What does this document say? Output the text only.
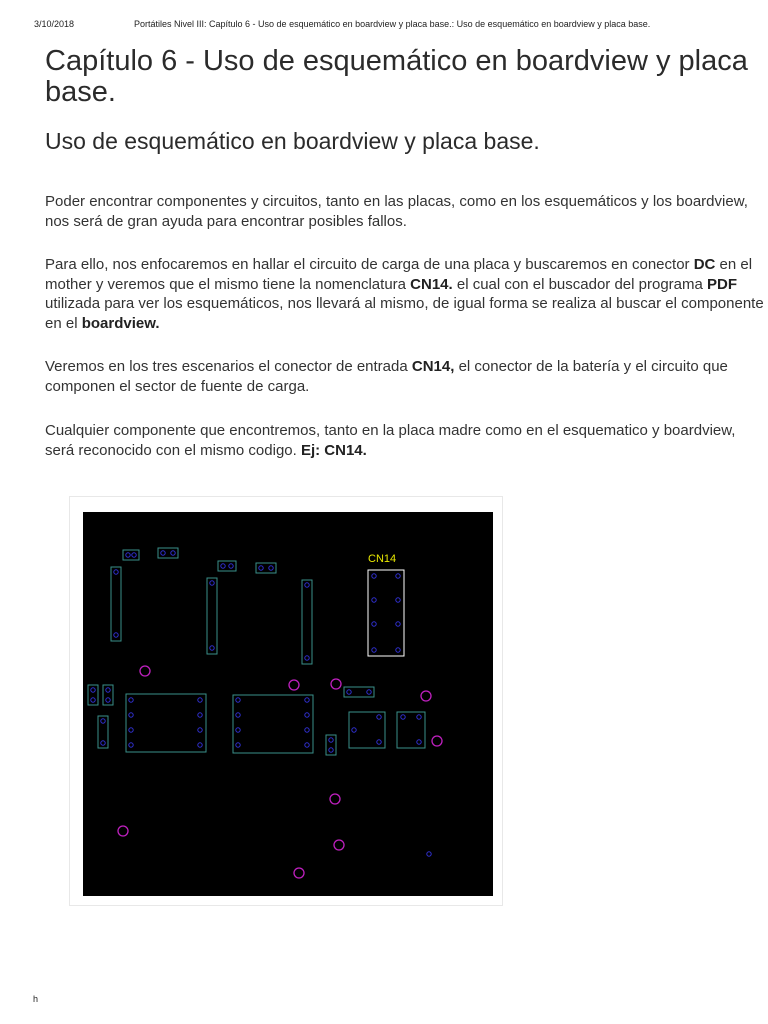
3/10/2018	Portátiles Nivel III: Capítulo 6 - Uso de esquemático en boardview y placa base.: Uso de esquemático en boardview y placa base.
Capítulo 6 - Uso de esquemático en boardview y placa base.
Uso de esquemático en boardview y placa base.

Poder encontrar componentes y circuitos, tanto en las placas, como en los esquemáticos y los boardview, nos será de gran ayuda para encontrar posibles fallos.

Para ello, nos enfocaremos en hallar el circuito de carga de una placa y buscaremos en conector DC en el mother y veremos que el mismo tiene la nomenclatura CN14. el cual con el buscador del programa PDF utilizada para ver los esquemáticos, nos llevará al mismo, de igual forma se realiza al buscar el componente en el boardview.

Veremos en los tres escenarios el conector de entrada CN14, el conector de la batería y el circuito que componen el sector de fuente de carga.

Cualquier componente que encontremos, tanto en la placa madre como en el esquematico y boardview, será reconocido con el mismo codigo. Ej: CN14.

CN14
h
